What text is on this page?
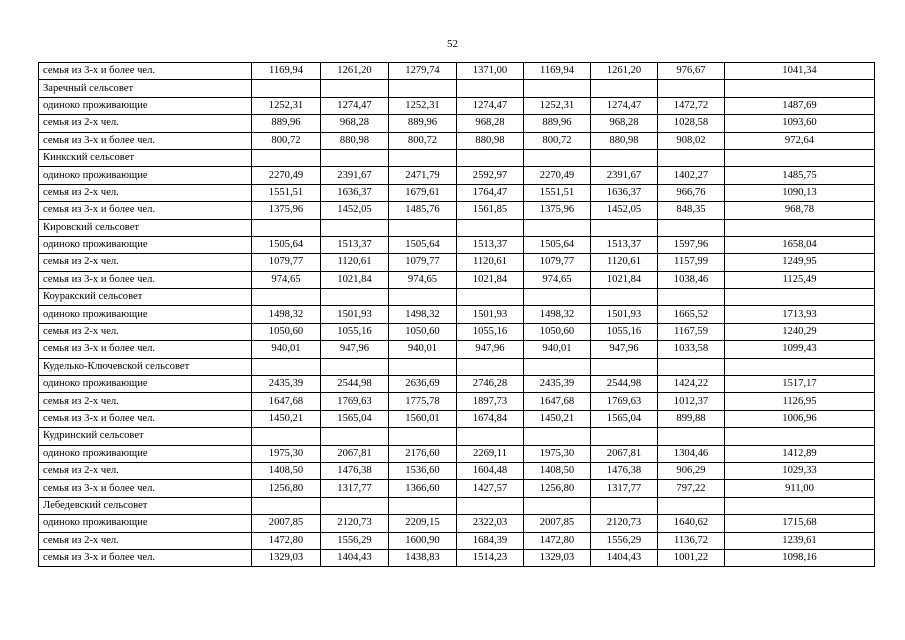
52
семья из 3-х и более чел.	1169,94	1261,20	1279,74	1371,00	1169,94	1261,20	976,67	1041,34
Заречный сельсовет								
одиноко проживающие	1252,31	1274,47	1252,31	1274,47	1252,31	1274,47	1472,72	1487,69
семья из 2-х чел.	889,96	968,28	889,96	968,28	889,96	968,28	1028,58	1093,60
семья из 3-х и более чел.	800,72	880,98	800,72	880,98	800,72	880,98	908,02	972,64
Кинкский сельсовет								
одиноко проживающие	2270,49	2391,67	2471,79	2592,97	2270,49	2391,67	1402,27	1485,75
семья из 2-х чел.	1551,51	1636,37	1679,61	1764,47	1551,51	1636,37	966,76	1090,13
семья из 3-х и более чел.	1375,96	1452,05	1485,76	1561,85	1375,96	1452,05	848,35	968,78
Кировский сельсовет								
одиноко проживающие	1505,64	1513,37	1505,64	1513,37	1505,64	1513,37	1597,96	1658,04
семья из 2-х чел.	1079,77	1120,61	1079,77	1120,61	1079,77	1120,61	1157,99	1249,95
семья из 3-х и более чел.	974,65	1021,84	974,65	1021,84	974,65	1021,84	1038,46	1125,49
Коуракский сельсовет								
одиноко проживающие	1498,32	1501,93	1498,32	1501,93	1498,32	1501,93	1665,52	1713,93
семья из 2-х чел.	1050,60	1055,16	1050,60	1055,16	1050,60	1055,16	1167,59	1240,29
семья из 3-х и более чел.	940,01	947,96	940,01	947,96	940,01	947,96	1033,58	1099,43
Куделько-Ключевской сельсовет								
одиноко проживающие	2435,39	2544,98	2636,69	2746,28	2435,39	2544,98	1424,22	1517,17
семья из 2-х чел.	1647,68	1769,63	1775,78	1897,73	1647,68	1769,63	1012,37	1126,95
семья из 3-х и более чел.	1450,21	1565,04	1560,01	1674,84	1450,21	1565,04	899,88	1006,96
Кудринский сельсовет								
одиноко проживающие	1975,30	2067,81	2176,60	2269,11	1975,30	2067,81	1304,46	1412,89
семья из 2-х чел.	1408,50	1476,38	1536,60	1604,48	1408,50	1476,38	906,29	1029,33
семья из 3-х и более чел.	1256,80	1317,77	1366,60	1427,57	1256,80	1317,77	797,22	911,00
Лебедевский сельсовет								
одиноко проживающие	2007,85	2120,73	2209,15	2322,03	2007,85	2120,73	1640,62	1715,68
семья из 2-х чел.	1472,80	1556,29	1600,90	1684,39	1472,80	1556,29	1136,72	1239,61
семья из 3-х и более чел.	1329,03	1404,43	1438,83	1514,23	1329,03	1404,43	1001,22	1098,16
